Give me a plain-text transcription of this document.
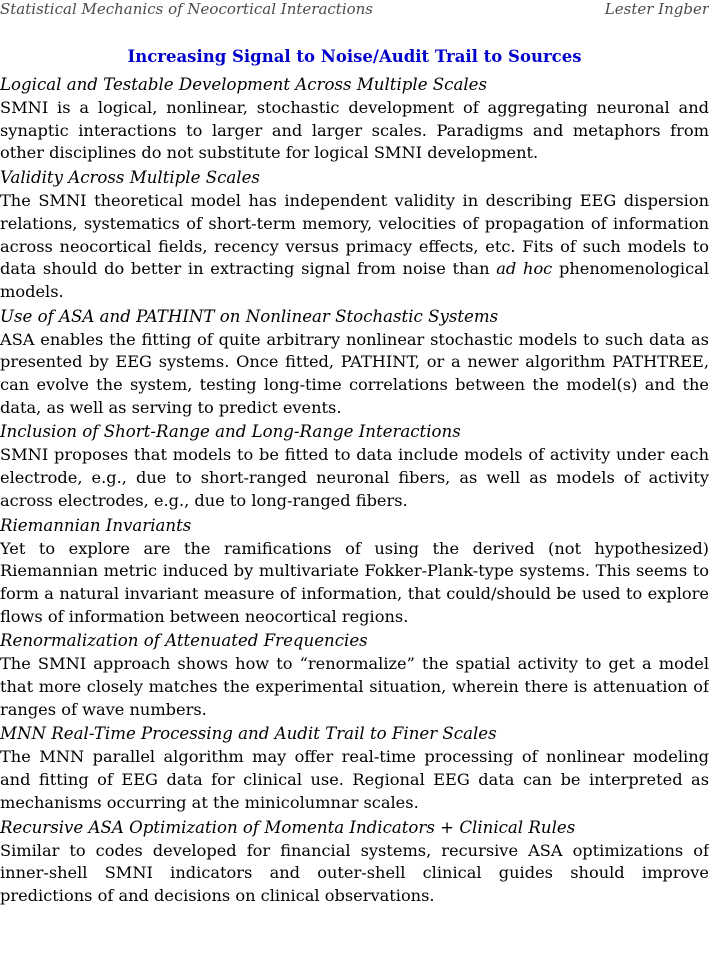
Statistical Mechanics of Neocortical Interactions	Lester Ingber
Increasing Signal to Noise/Audit Trail to Sources
Logical and Testable Development Across Multiple Scales

SMNI is a logical, nonlinear, stochastic development of aggregating neuronal and synaptic interactions to larger and larger scales. Paradigms and metaphors from other disciplines do not substitute for logical SMNI development.

Validity Across Multiple Scales

The SMNI theoretical model has independent validity in describing EEG dispersion relations, systematics of short-term memory, velocities of propagation of information across neocortical fields, recency versus primacy effects, etc. Fits of such models to data should do better in extracting signal from noise than ad hoc phenomenological models.

Use of ASA and PATHINT on Nonlinear Stochastic Systems

ASA enables the fitting of quite arbitrary nonlinear stochastic models to such data as presented by EEG systems. Once fitted, PATHINT, or a newer algorithm PATHTREE, can evolve the system, testing long-time correlations between the model(s) and the data, as well as serving to predict events.

Inclusion of Short-Range and Long-Range Interactions

SMNI proposes that models to be fitted to data include models of activity under each electrode, e.g., due to short-ranged neuronal fibers, as well as models of activity across electrodes, e.g., due to long-ranged fibers.

Riemannian Invariants

Yet to explore are the ramifications of using the derived (not hypothesized) Riemannian metric induced by multivariate Fokker-Plank-type systems. This seems to form a natural invariant measure of information, that could/should be used to explore flows of information between neocortical regions.

Renormalization of Attenuated Frequencies

The SMNI approach shows how to “renormalize” the spatial activity to get a model that more closely matches the experimental situation, wherein there is attenuation of ranges of wave numbers.

MNN Real-Time Processing and Audit Trail to Finer Scales

The MNN parallel algorithm may offer real-time processing of nonlinear modeling and fitting of EEG data for clinical use. Regional EEG data can be interpreted as mechanisms occurring at the minicolumnar scales.

Recursive ASA Optimization of Momenta Indicators + Clinical Rules

Similar to codes developed for financial systems, recursive ASA optimizations of inner-shell SMNI indicators and outer-shell clinical guides should improve predictions of and decisions on clinical observations.
